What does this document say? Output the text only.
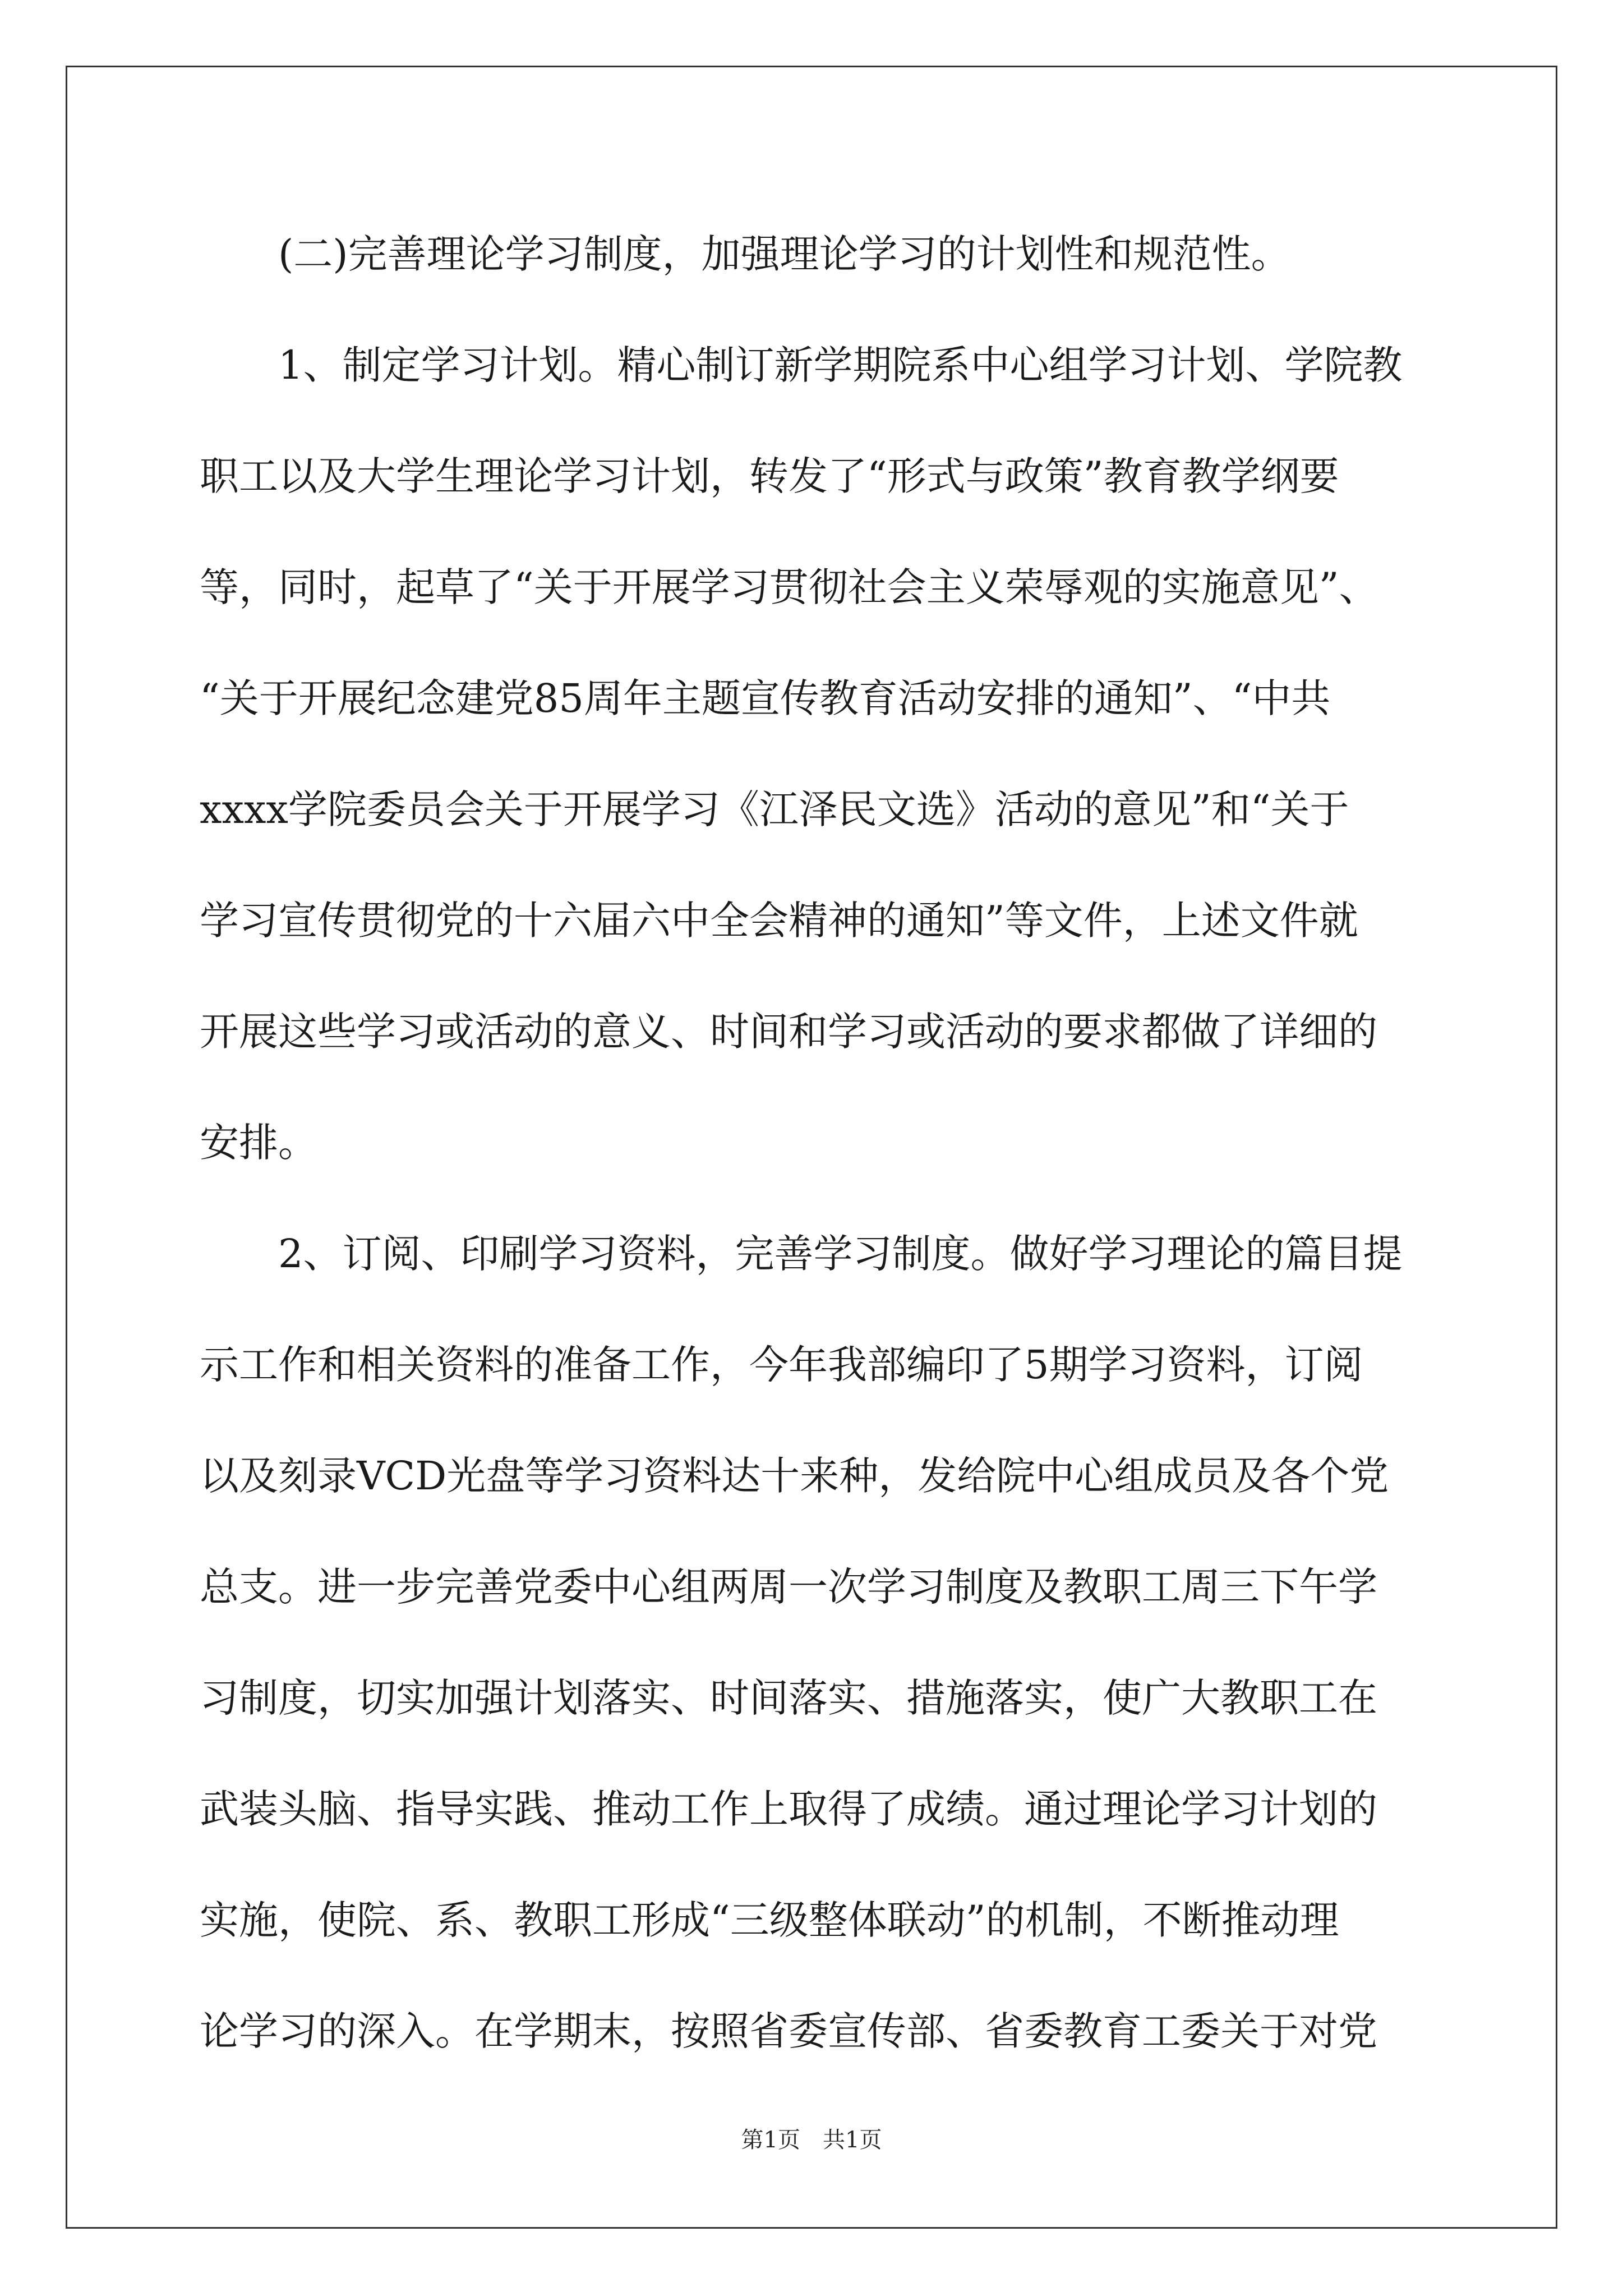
　　(二)完善理论学习制度，加强理论学习的计划性和规范性。

　　1、制定学习计划。精心制订新学期院系中心组学习计划、学院教

职工以及大学生理论学习计划，转发了“形式与政策”教育教学纲要

等，同时，起草了“关于开展学习贯彻社会主义荣辱观的实施意见”、

“关于开展纪念建党85周年主题宣传教育活动安排的通知”、“中共

xxxx学院委员会关于开展学习《江泽民文选》活动的意见”和“关于

学习宣传贯彻党的十六届六中全会精神的通知”等文件，上述文件就

开展这些学习或活动的意义、时间和学习或活动的要求都做了详细的

安排。

　　2、订阅、印刷学习资料，完善学习制度。做好学习理论的篇目提

示工作和相关资料的准备工作，今年我部编印了5期学习资料，订阅

以及刻录VCD光盘等学习资料达十来种，发给院中心组成员及各个党

总支。进一步完善党委中心组两周一次学习制度及教职工周三下午学

习制度，切实加强计划落实、时间落实、措施落实，使广大教职工在

武装头脑、指导实践、推动工作上取得了成绩。通过理论学习计划的

实施，使院、系、教职工形成“三级整体联动”的机制，不断推动理

论学习的深入。在学期末，按照省委宣传部、省委教育工委关于对党

第1页　共1页
